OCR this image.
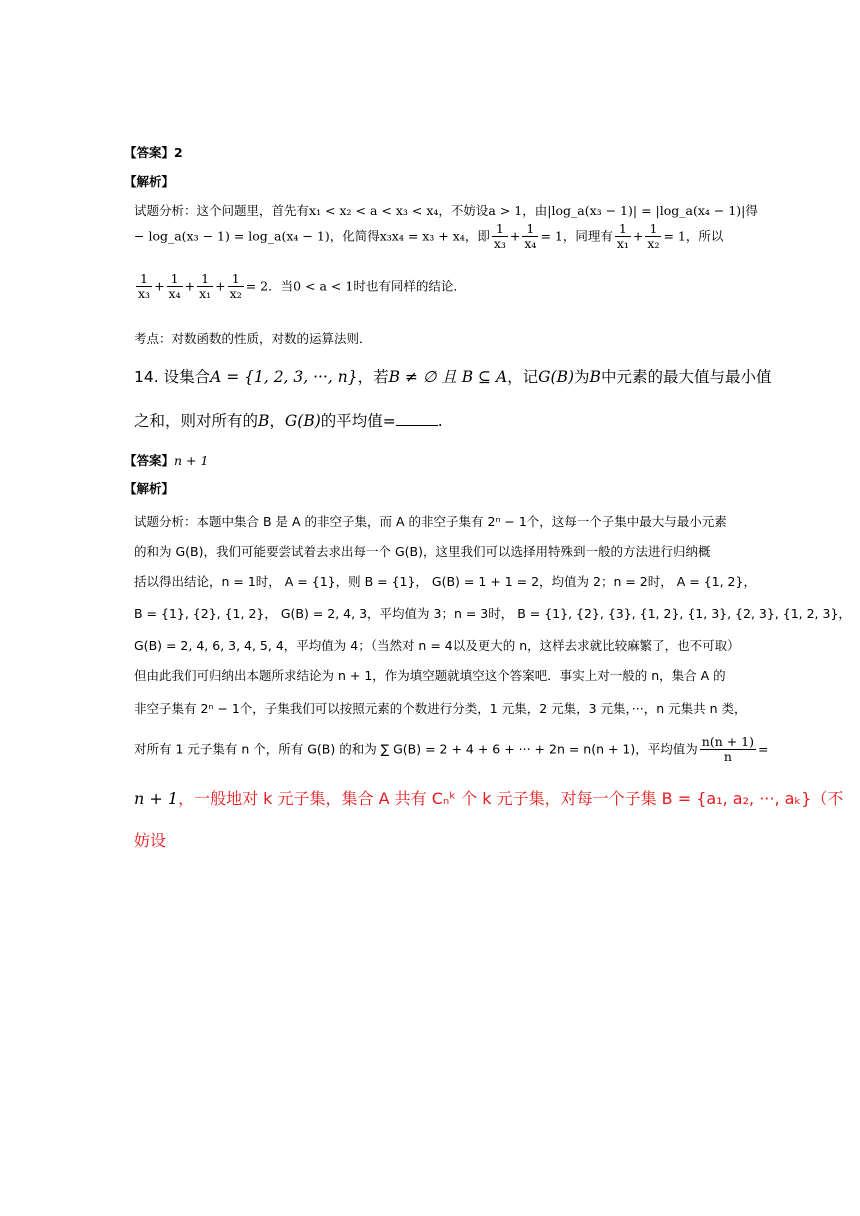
【答案】2
【解析】
试题分析：这个问题里，首先有x₁ < x₂ < a < x₃ < x₄，不妨设a > 1，由|log_a(x₃ − 1)| = |log_a(x₄ − 1)|得
− log_a(x₃ − 1) = log_a(x₄ − 1)，化简得x₃x₄ = x₃ + x₄，即 $\frac{1}{\text{x₃}} + \frac{1}{\text{x₄}} = 1$，同理有 $\frac{1}{\text{x₁}} + \frac{1}{\text{x₂}} = 1$，所以
$\frac{1}{\text{x₃}} + \frac{1}{\text{x₄}} + \frac{1}{\text{x₁}} + \frac{1}{\text{x₂}} = 2$．当0 < a < 1时也有同样的结论．
考点：对数函数的性质，对数的运算法则．
14. 设集合A = {1, 2, 3, ···, n}，若B ≠ ∅ 且 B ⊆ A，记G(B)为B中元素的最大值与最小值
之和，则对所有的B，G(B)的平均值=	.
【答案】n + 1
【解析】
试题分析：本题中集合 B 是 A 的非空子集，而 A 的非空子集有 2ⁿ − 1个，这每一个子集中最大与最小元素
的和为 G(B)，我们可能要尝试着去求出每一个 G(B)，这里我们可以选择用特殊到一般的方法进行归纳概
括以得出结论，n = 1时， A = {1}，则 B = {1}， G(B) = 1 + 1 = 2，均值为 2；n = 2时， A = {1, 2}，
B = {1}, {2}, {1, 2}， G(B) = 2, 4, 3，平均值为 3；n = 3时， B = {1}, {2}, {3}, {1, 2}, {1, 3}, {2, 3}, {1, 2, 3}，
G(B) = 2, 4, 6, 3, 4, 5, 4，平均值为 4；（当然对 n = 4以及更大的 n，这样去求就比较麻繁了，也不可取）
但由此我们可归纳出本题所求结论为 n + 1，作为填空题就填空这个答案吧．事实上对一般的 n，集合 A 的
非空子集有 2ⁿ − 1个，子集我们可以按照元素的个数进行分类，1 元集，2 元集，3 元集，···，n 元集共 n 类，
对所有 1 元子集有 n 个，所有 G(B) 的和为 ∑ G(B) = 2 + 4 + 6 + ··· + 2n = n(n + 1)，平均值为 $\frac{n(n + 1)}{n}$ =
n + 1，一般地对 k 元子集，集合 A 共有 Cₙᵏ 个 k 元子集，对每一个子集 B = {a₁, a₂, ···, aₖ}（不
妨设
